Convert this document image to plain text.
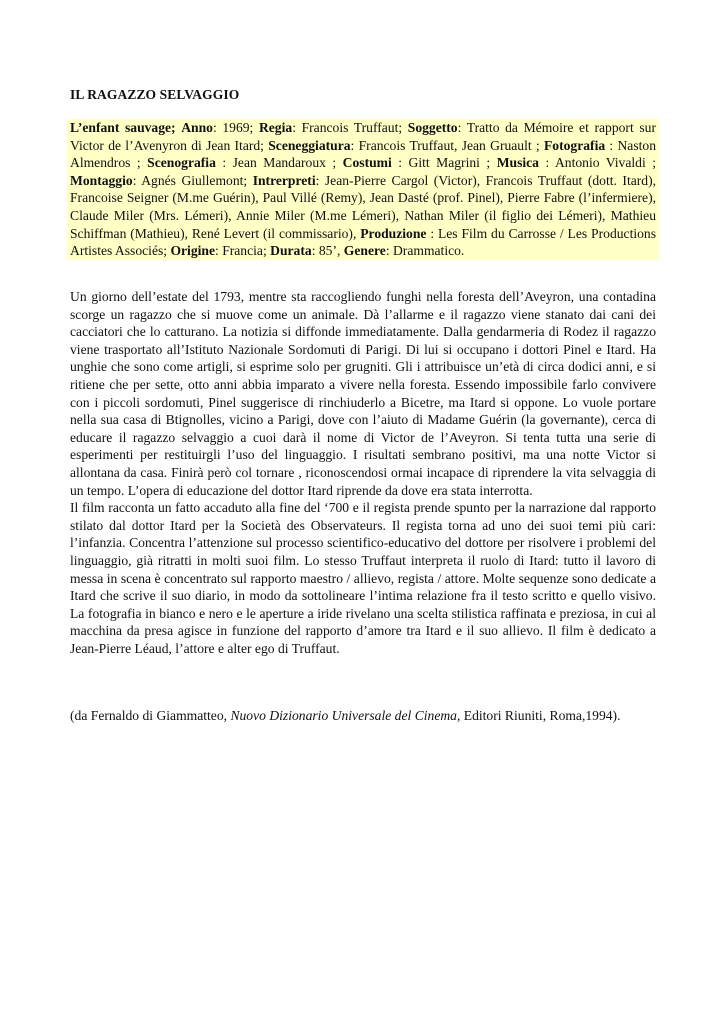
IL RAGAZZO SELVAGGIO
L’enfant sauvage; Anno: 1969; Regia: Francois Truffaut; Soggetto: Tratto da Mémoire et rapport sur Victor de l’Avenyron di Jean Itard; Sceneggiatura: Francois Truffaut, Jean Gruault ; Fotografia : Naston Almendros ; Scenografia : Jean Mandaroux ; Costumi : Gitt Magrini ; Musica : Antonio Vivaldi ; Montaggio: Agnés Giullemont; Intrerpreti: Jean-Pierre Cargol (Victor), Francois Truffaut (dott. Itard), Francoise Seigner (M.me Guérin), Paul Villé (Remy), Jean Dasté (prof. Pinel), Pierre Fabre (l’infermiere), Claude Miler (Mrs. Lémeri), Annie Miler (M.me Lémeri), Nathan Miler (il figlio dei Lémeri), Mathieu Schiffman (Mathieu), René Levert (il commissario), Produzione : Les Film du Carrosse / Les Productions Artistes Associés; Origine: Francia; Durata: 85’, Genere: Drammatico.

Un giorno dell’estate del 1793, mentre sta raccogliendo funghi nella foresta dell’Aveyron, una contadina scorge un ragazzo che si muove come un animale. Dà l’allarme e il ragazzo viene stanato dai cani dei cacciatori che lo catturano. La notizia si diffonde immediatamente. Dalla gendarmeria di Rodez il ragazzo viene trasportato all’Istituto Nazionale Sordomuti di Parigi. Di lui si occupano i dottori Pinel e Itard. Ha unghie che sono come artigli, si esprime solo per grugniti. Gli i attribuisce un’età di circa dodici anni, e si ritiene che per sette, otto anni abbia imparato a vivere nella foresta. Essendo impossibile farlo convivere con i piccoli sordomuti, Pinel suggerisce di rinchiuderlo a Bicetre, ma Itard si oppone. Lo vuole portare nella sua casa di Btignolles, vicino a Parigi, dove con l’aiuto di Madame Guérin (la governante), cerca di educare il ragazzo selvaggio a cuoi darà il nome di Victor de l’Aveyron. Si tenta tutta una serie di esperimenti per restituirgli l’uso del linguaggio. I risultati sembrano positivi, ma una notte Victor si allontana da casa. Finirà però col tornare , riconoscendosi ormai incapace di riprendere la vita selvaggia di un tempo. L’opera di educazione del dottor Itard riprende da dove era stata interrotta.

Il film racconta un fatto accaduto alla fine del ‘700 e il regista prende spunto per la narrazione dal rapporto stilato dal dottor Itard per la Società des Observateurs. Il regista torna ad uno dei suoi temi più cari: l’infanzia. Concentra l’attenzione sul processo scientifico-educativo del dottore per risolvere i problemi del linguaggio, già ritratti in molti suoi film. Lo stesso Truffaut interpreta il ruolo di Itard: tutto il lavoro di messa in scena è concentrato sul rapporto maestro / allievo, regista / attore. Molte sequenze sono dedicate a Itard che scrive il suo diario, in modo da sottolineare l’intima relazione fra il testo scritto e quello visivo. La fotografia in bianco e nero e le aperture a iride rivelano una scelta stilistica raffinata e preziosa, in cui al macchina da presa agisce in funzione del rapporto d’amore tra Itard e il suo allievo. Il film è dedicato a Jean-Pierre Léaud, l’attore e alter ego di Truffaut.

(da Fernaldo di Giammatteo, Nuovo Dizionario Universale del Cinema, Editori Riuniti, Roma,1994).
